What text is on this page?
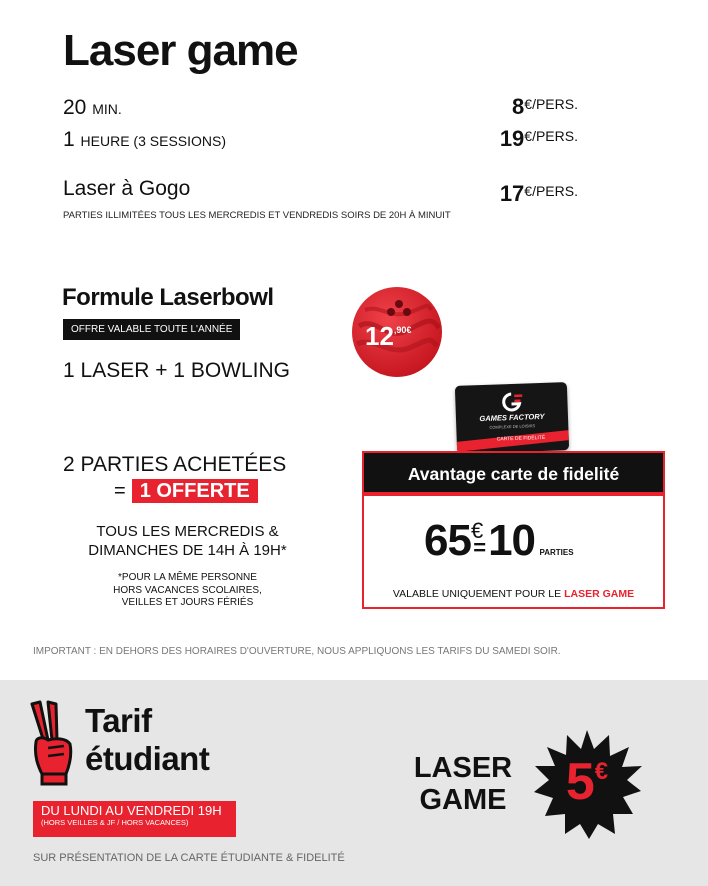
Laser game
20 MIN.	$8^{€/PERS.}$
1 HEURE (3 SESSIONS)	$19^{€/PERS.}$
Laser à Gogo	$17^{€/PERS.}$
PARTIES ILLIMITÉES TOUS LES MERCREDIS ET VENDREDIS SOIRS DE 20H À MINUIT
Formule Laserbowl
OFFRE VALABLE TOUTE L'ANNÉE
1 LASER + 1 BOWLING
$12^{,90€}$
GAMES FACTORY
COMPLEXE DE LOISIRS
CARTE DE FIDÉLITÉ
2 PARTIES ACHETÉES
= 1 OFFERTE
TOUS LES MERCREDIS &
DIMANCHES DE 14H À 19H*
*POUR LA MÊME PERSONNE
HORS VACANCES SCOLAIRES,
VEILLES ET JOURS FÉRIÉS
Avantage carte de fidelité
65€=10 PARTIES
VALABLE UNIQUEMENT POUR LE LASER GAME
IMPORTANT : EN DEHORS DES HORAIRES D'OUVERTURE, NOUS APPLIQUONS LES TARIFS DU SAMEDI SOIR.
Tarif
étudiant
DU LUNDI AU VENDREDI 19H
(HORS VEILLES & JF / HORS VACANCES)
LASER
GAME	5€
SUR PRÉSENTATION DE LA CARTE ÉTUDIANTE & FIDELITÉ
